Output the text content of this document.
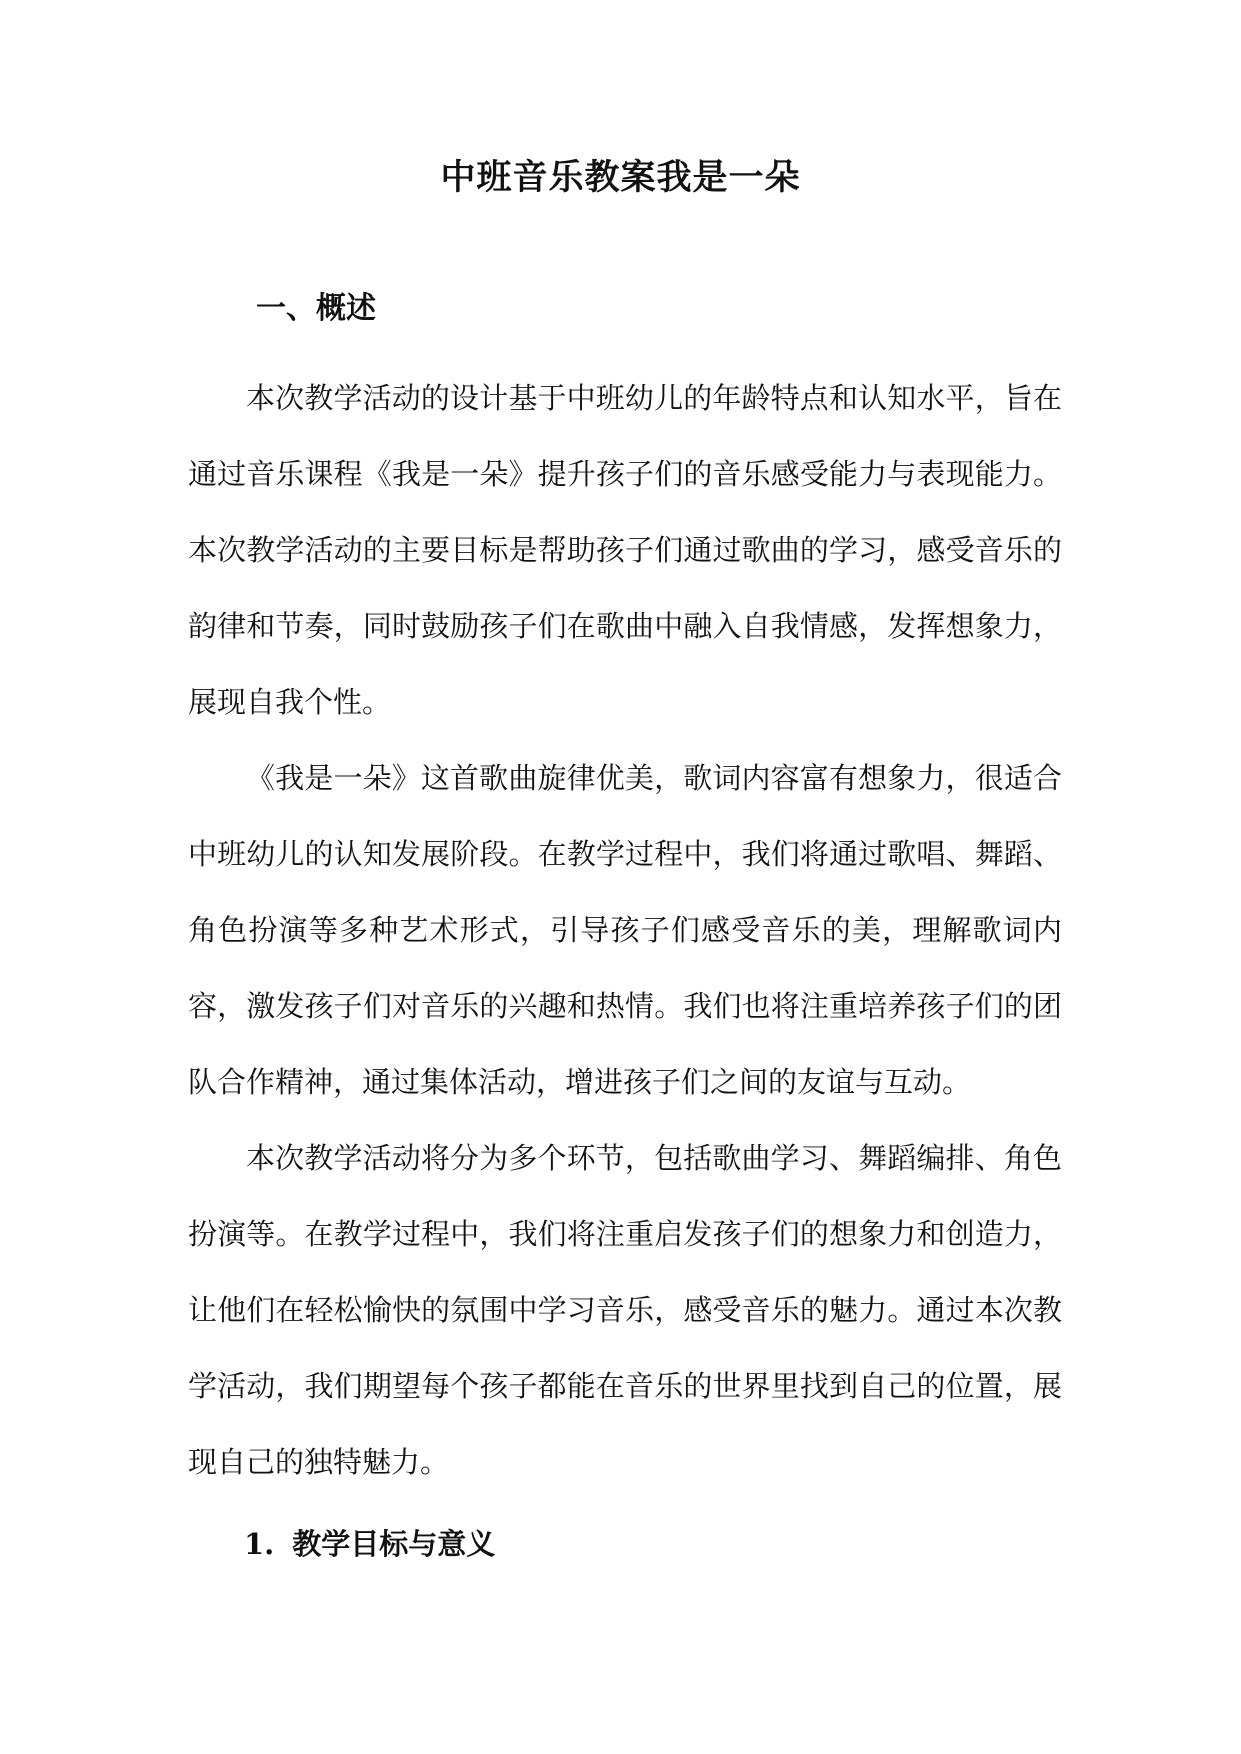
中班音乐教案我是一朵
一、概述

本次教学活动的设计基于中班幼儿的年龄特点和认知水平，旨在通过音乐课程《我是一朵》提升孩子们的音乐感受能力与表现能力。本次教学活动的主要目标是帮助孩子们通过歌曲的学习，感受音乐的韵律和节奏，同时鼓励孩子们在歌曲中融入自我情感，发挥想象力，展现自我个性。

《我是一朵》这首歌曲旋律优美，歌词内容富有想象力，很适合中班幼儿的认知发展阶段。在教学过程中，我们将通过歌唱、舞蹈、角色扮演等多种艺术形式，引导孩子们感受音乐的美，理解歌词内容，激发孩子们对音乐的兴趣和热情。我们也将注重培养孩子们的团队合作精神，通过集体活动，增进孩子们之间的友谊与互动。

本次教学活动将分为多个环节，包括歌曲学习、舞蹈编排、角色扮演等。在教学过程中，我们将注重启发孩子们的想象力和创造力，让他们在轻松愉快的氛围中学习音乐，感受音乐的魅力。通过本次教学活动，我们期望每个孩子都能在音乐的世界里找到自己的位置，展现自己的独特魅力。

1. 教学目标与意义
